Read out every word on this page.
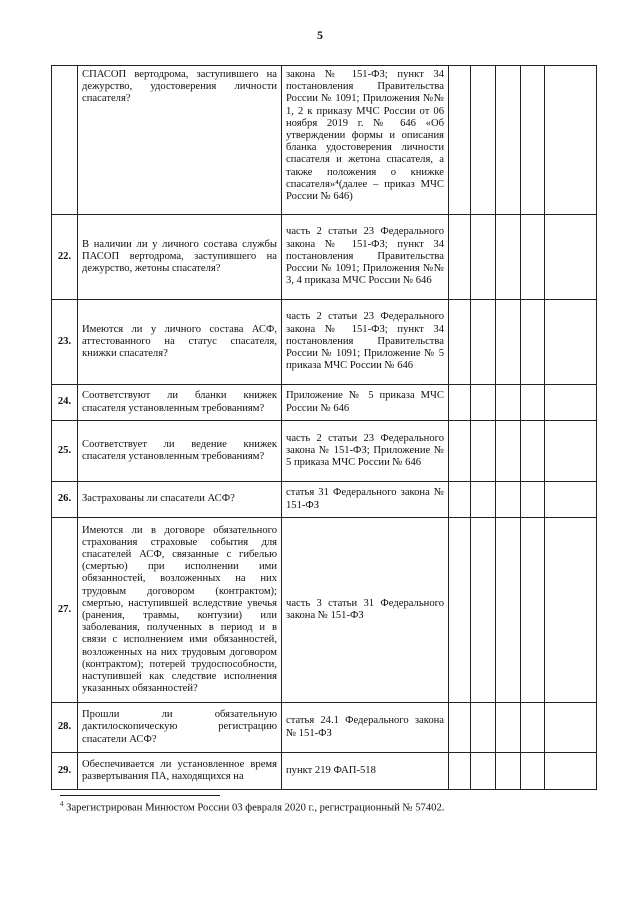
5
	СПАСОП вертодрома, заступившего на дежурство, удостоверения личности спасателя?	закона № 151-ФЗ; пункт 34 постановления Правительства России № 1091; Приложения №№ 1, 2 к приказу МЧС России от 06 ноября 2019 г. № 646 «Об утверждении формы и описания бланка удостоверения личности спасателя и жетона спасателя, а также положения о книжке спасателя»⁴(далее – приказ МЧС России № 646)					
22.	В наличии ли у личного состава службы ПАСОП вертодрома, заступившего на дежурство, жетоны спасателя?	часть 2 статьи 23 Федерального закона № 151-ФЗ; пункт 34 постановления Правительства России № 1091; Приложения №№ 3, 4 приказа МЧС России № 646					
23.	Имеются ли у личного состава АСФ, аттестованного на статус спасателя, книжки спасателя?	часть 2 статьи 23 Федерального закона № 151-ФЗ; пункт 34 постановления Правительства России № 1091; Приложение № 5 приказа МЧС России № 646					
24.	Соответствуют ли бланки книжек спасателя установленным требованиям?	Приложение № 5 приказа МЧС России № 646					
25.	Соответствует ли ведение книжек спасателя установленным требованиям?	часть 2 статьи 23 Федерального закона № 151-ФЗ; Приложение № 5 приказа МЧС России № 646					
26.	Застрахованы ли спасатели АСФ?	статья 31 Федерального закона № 151-ФЗ					
27.	Имеются ли в договоре обязательного страхования страховые события для спасателей АСФ, связанные с гибелью (смертью) при исполнении ими обязанностей, возложенных на них трудовым договором (контрактом); смертью, наступившей вследствие увечья (ранения, травмы, контузии) или заболевания, полученных в период и в связи с исполнением ими обязанностей, возложенных на них трудовым договором (контрактом); потерей трудоспособности, наступившей как следствие исполнения указанных обязанностей?	часть 3 статьи 31 Федерального закона № 151-ФЗ					
28.	Прошли ли обязательную дактилоскопическую регистрацию спасатели АСФ?	статья 24.1 Федерального закона № 151-ФЗ					
29.	Обеспечивается ли установленное время развертывания ПА, находящихся на	пункт 219 ФАП-518					
$^4$ Зарегистрирован Минюстом России 03 февраля 2020 г., регистрационный № 57402.
